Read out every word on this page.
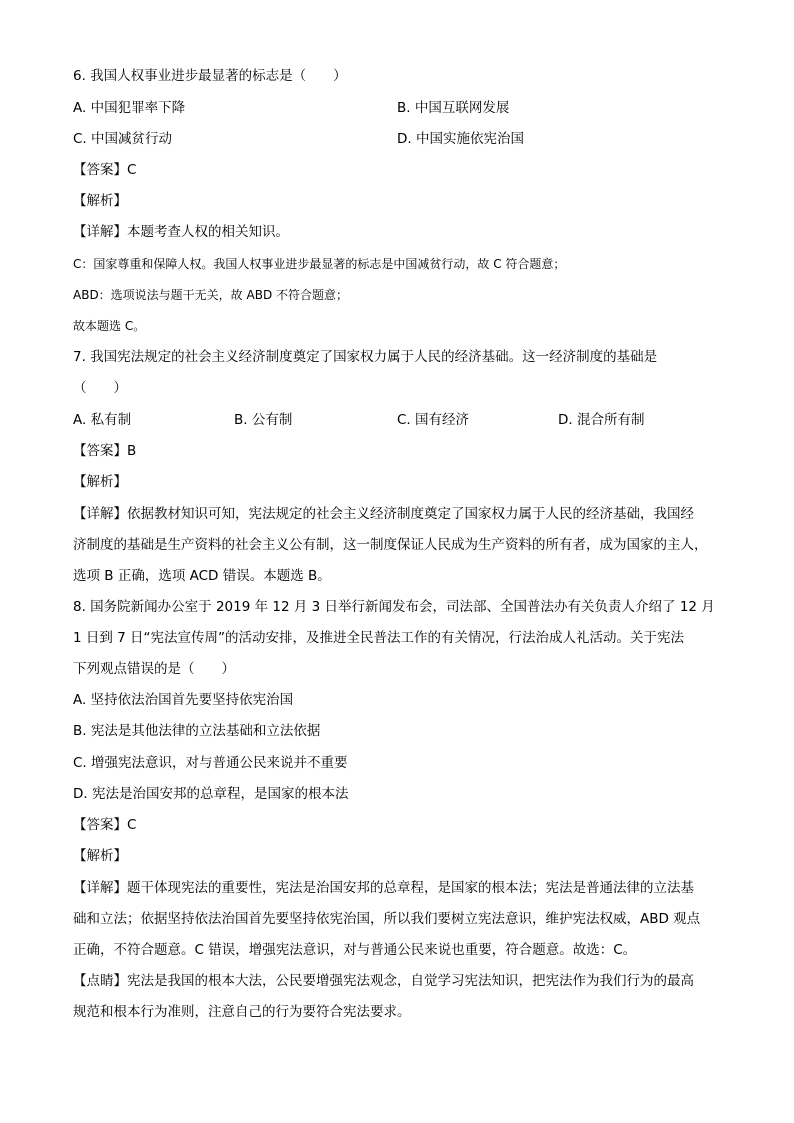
6. 我国人权事业进步最显著的标志是（　　）
A. 中国犯罪率下降	B. 中国互联网发展
C. 中国减贫行动	D. 中国实施依宪治国
【答案】C
【解析】
【详解】本题考查人权的相关知识。
C：国家尊重和保障人权。我国人权事业进步最显著的标志是中国减贫行动，故 C 符合题意；
ABD：选项说法与题干无关，故 ABD 不符合题意；
故本题选 C。
7. 我国宪法规定的社会主义经济制度奠定了国家权力属于人民的经济基础。这一经济制度的基础是
（　　）
A. 私有制	B. 公有制	C. 国有经济	D. 混合所有制
【答案】B
【解析】
【详解】依据教材知识可知，宪法规定的社会主义经济制度奠定了国家权力属于人民的经济基础，我国经
济制度的基础是生产资料的社会主义公有制，这一制度保证人民成为生产资料的所有者，成为国家的主人，
选项 B 正确，选项 ACD 错误。本题选 B。
8. 国务院新闻办公室于 2019 年 12 月 3 日举行新闻发布会，司法部、全国普法办有关负责人介绍了 12 月
1 日到 7 日“宪法宣传周”的活动安排，及推进全民普法工作的有关情况，行法治成人礼活动。关于宪法
下列观点错误的是（　　）
A. 坚持依法治国首先要坚持依宪治国
B. 宪法是其他法律的立法基础和立法依据
C. 增强宪法意识，对与普通公民来说并不重要
D. 宪法是治国安邦的总章程，是国家的根本法
【答案】C
【解析】
【详解】题干体现宪法的重要性，宪法是治国安邦的总章程，是国家的根本法；宪法是普通法律的立法基
础和立法；依据坚持依法治国首先要坚持依宪治国，所以我们要树立宪法意识，维护宪法权威，ABD 观点
正确，不符合题意。C 错误，增强宪法意识，对与普通公民来说也重要，符合题意。故选：C。
【点睛】宪法是我国的根本大法，公民要增强宪法观念，自觉学习宪法知识，把宪法作为我们行为的最高
规范和根本行为准则，注意自己的行为要符合宪法要求。
